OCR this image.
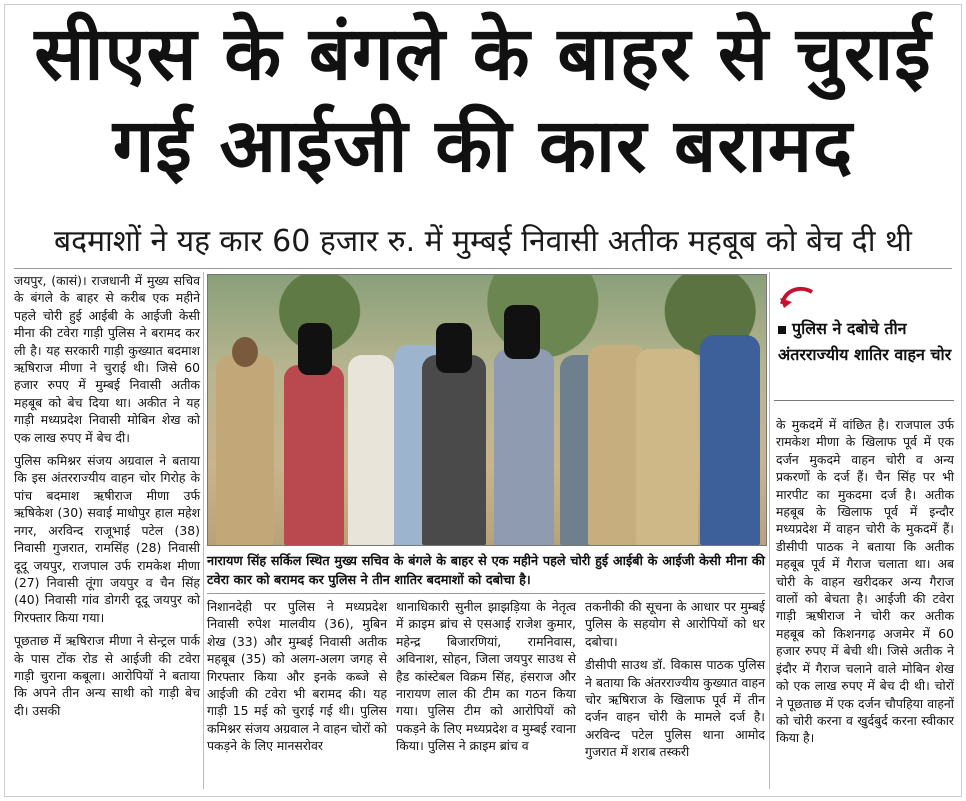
सीएस के बंगले के बाहर से चुराई
गई आईजी की कार बरामद
बदमाशों ने यह कार 60 हजार रु. में मुम्बई निवासी अतीक महबूब को बेच दी थी

जयपुर, (कासं)। राजधानी में मुख्य सचिव के बंगले के बाहर से करीब एक महीने पहले चोरी हुई आईबी के आईजी केसी मीना की टवेरा गाड़ी पुलिस ने बरामद कर ली है। यह सरकारी गाड़ी कुख्यात बदमाश ऋषिराज मीणा ने चुराई थी। जिसे 60 हजार रुपए में मुम्बई निवासी अतीक महबूब को बेच दिया था। अकीत ने यह गाड़ी मध्यप्रदेश निवासी मोबिन शेख को एक लाख रुपए में बेच दी।

पुलिस कमिश्नर संजय अग्रवाल ने बताया कि इस अंतरराज्यीय वाहन चोर गिरोह के पांच बदमाश ऋषीराज मीणा उर्फ ऋषिकेश (30) सवाई माधोपुर हाल महेश नगर, अरविन्द राजूभाई पटेल (38) निवासी गुजरात, रामसिंह (28) निवासी दूदू जयपुर, राजपाल उर्फ रामकेश मीणा (27) निवासी तूंगा जयपुर व चैन सिंह (40) निवासी गांव डोगरी दूदू जयपुर को गिरफ्तार किया गया।

पूछताछ में ऋषिराज मीणा ने सेन्ट्रल पार्क के पास टोंक रोड से आईजी की टवेरा गाड़ी चुराना कबूला। आरोपियों ने बताया कि अपने तीन अन्य साथी को गाड़ी बेच दी। उसकी

नारायण सिंह सर्किल स्थित मुख्य सचिव के बंगले के बाहर से एक महीने पहले चोरी हुई आईबी के आईजी केसी मीना की टवेरा कार को बरामद कर पुलिस ने तीन शातिर बदमाशों को दबोचा है।

निशानदेही पर पुलिस ने मध्यप्रदेश निवासी रुपेश मालवीय (36), मुबिन शेख (33) और मुम्बई निवासी अतीक महबूब (35) को अलग-अलग जगह से गिरफ्तार किया और इनके कब्जे से आईजी की टवेरा भी बरामद की। यह गाड़ी 15 मई को चुराई गई थी। पुलिस कमिश्नर संजय अग्रवाल ने वाहन चोरों को पकड़ने के लिए मानसरोवर

थानाधिकारी सुनील झाझड़िया के नेतृत्व में क्राइम ब्रांच से एसआई राजेश कुमार, महेन्द्र बिजारणियां, रामनिवास, अविनाश, सोहन, जिला जयपुर साउथ से हैड कांस्टेबल विक्रम सिंह, हंसराज और नारायण लाल की टीम का गठन किया गया। पुलिस टीम को आरोपियों को पकड़ने के लिए मध्यप्रदेश व मुम्बई रवाना किया। पुलिस ने क्राइम ब्रांच व

तकनीकी की सूचना के आधार पर मुम्बई पुलिस के सहयोग से आरोपियों को धर दबोचा।

डीसीपी साउथ डॉ. विकास पाठक पुलिस ने बताया कि अंतरराज्यीय कुख्यात वाहन चोर ऋषिराज के खिलाफ पूर्व में तीन दर्जन वाहन चोरी के मामले दर्ज है। अरविन्द पटेल पुलिस थाना आमोद गुजरात में शराब तस्करी

पुलिस ने दबोचे तीन अंतरराज्यीय शातिर वाहन चोर

के मुकदमें में वांछित है। राजपाल उर्फ रामकेश मीणा के खिलाफ पूर्व में एक दर्जन मुकदमे वाहन चोरी व अन्य प्रकरणों के दर्ज हैं। चैन सिंह पर भी मारपीट का मुकदमा दर्ज है। अतीक महबूब के खिलाफ पूर्व में इन्दौर मध्यप्रदेश में वाहन चोरी के मुकदमें हैं। डीसीपी पाठक ने बताया कि अतीक महबूब पूर्व में गैराज चलाता था। अब चोरी के वाहन खरीदकर अन्य गैराज वालों को बेचता है। आईजी की टवेरा गाड़ी ऋषीराज ने चोरी कर अतीक महबूब को किशनगढ़ अजमेर में 60 हजार रुपए में बेची थी। जिसे अतीक ने इंदौर में गैराज चलाने वाले मोबिन शेख को एक लाख रुपए में बेच दी थी। चोरों ने पूछताछ में एक दर्जन चौपहिया वाहनों को चोरी करना व खुर्दबुर्द करना स्वीकार किया है।
